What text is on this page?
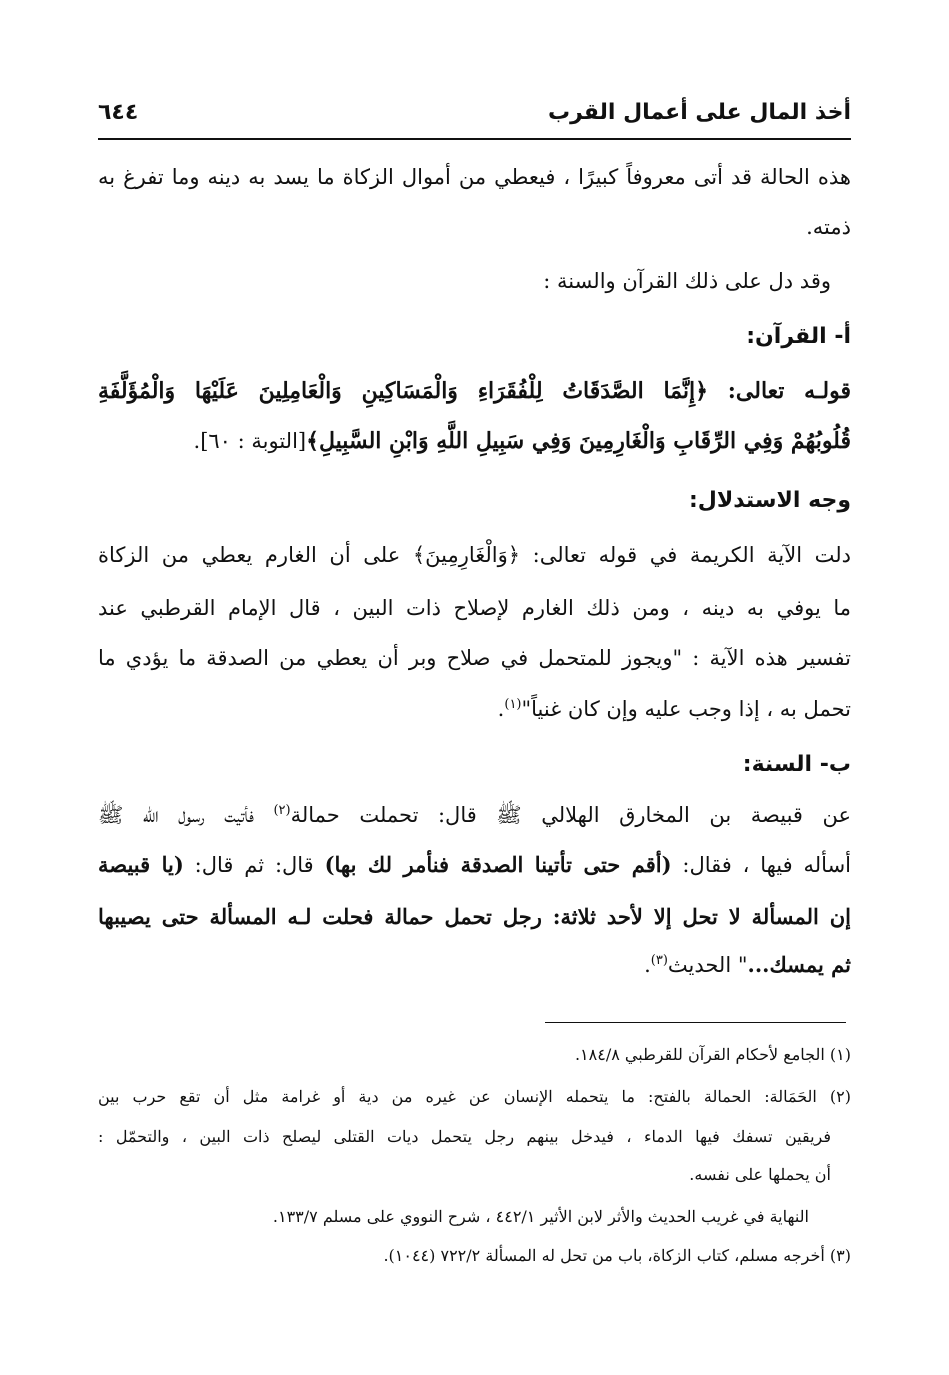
أخذ المال على أعمال القرب
٦٤٤
هذه الحالة قد أتى معروفاً كبيرًا ، فيعطي من أموال الزكاة ما يسد به دينه وما تفرغ به
ذمته.
وقد دل على ذلك القرآن والسنة :
أ- القرآن:
قولـه تعالى: ﴿إِنَّمَا الصَّدَقَاتُ لِلْفُقَرَاءِ وَالْمَسَاكِينِ وَالْعَامِلِينَ عَلَيْهَا وَالْمُؤَلَّفَةِ
قُلُوبُهُمْ وَفِي الرِّقَابِ وَالْغَارِمِينَ وَفِي سَبِيلِ اللَّهِ وَابْنِ السَّبِيلِ﴾[التوبة : ٦٠].
وجه الاستدلال:
دلت الآية الكريمة في قوله تعالى: ﴿وَالْغَارِمِينَ﴾ على أن الغارم يعطي من الزكاة
ما يوفي به دينه ، ومن ذلك الغارم لإصلاح ذات البين ، قال الإمام القرطبي عند
تفسير هذه الآية : "ويجوز للمتحمل في صلاح وبر أن يعطي من الصدقة ما يؤدي ما
تحمل به ، إذا وجب عليه وإن كان غنياً"$^{(١)}$.
ب- السنة:
عن قبيصة بن المخارق الهلالي ﷺ قال: تحملت حمالة$^{(٢)}$ فأتيت رسول الله ﷺ
أسأله فيها ، فقال: (أقم حتى تأتينا الصدقة فنأمر لك بها) قال: ثم قال: (يا قبيصة
إن المسألة لا تحل إلا لأحد ثلاثة: رجل تحمل حمالة فحلت لـه المسألة حتى يصيبها
ثم يمسك..." الحديث$^{(٣)}$.
(١) الجامع لأحكام القرآن للقرطبي ١٨٤/٨.
(٢) الحَمَالة: الحمالة بالفتح: ما يتحمله الإنسان عن غيره من دية أو غرامة مثل أن تقع حرب بين
فريقين تسفك فيها الدماء ، فيدخل بينهم رجل يتحمل ديات القتلى ليصلح ذات البين ، والتحمّل :
أن يحملها على نفسه.
النهاية في غريب الحديث والأثر لابن الأثير ٤٤٢/١ ، شرح النووي على مسلم ١٣٣/٧.
(٣) أخرجه مسلم، كتاب الزكاة، باب من تحل له المسألة ٧٢٢/٢ (١٠٤٤).
